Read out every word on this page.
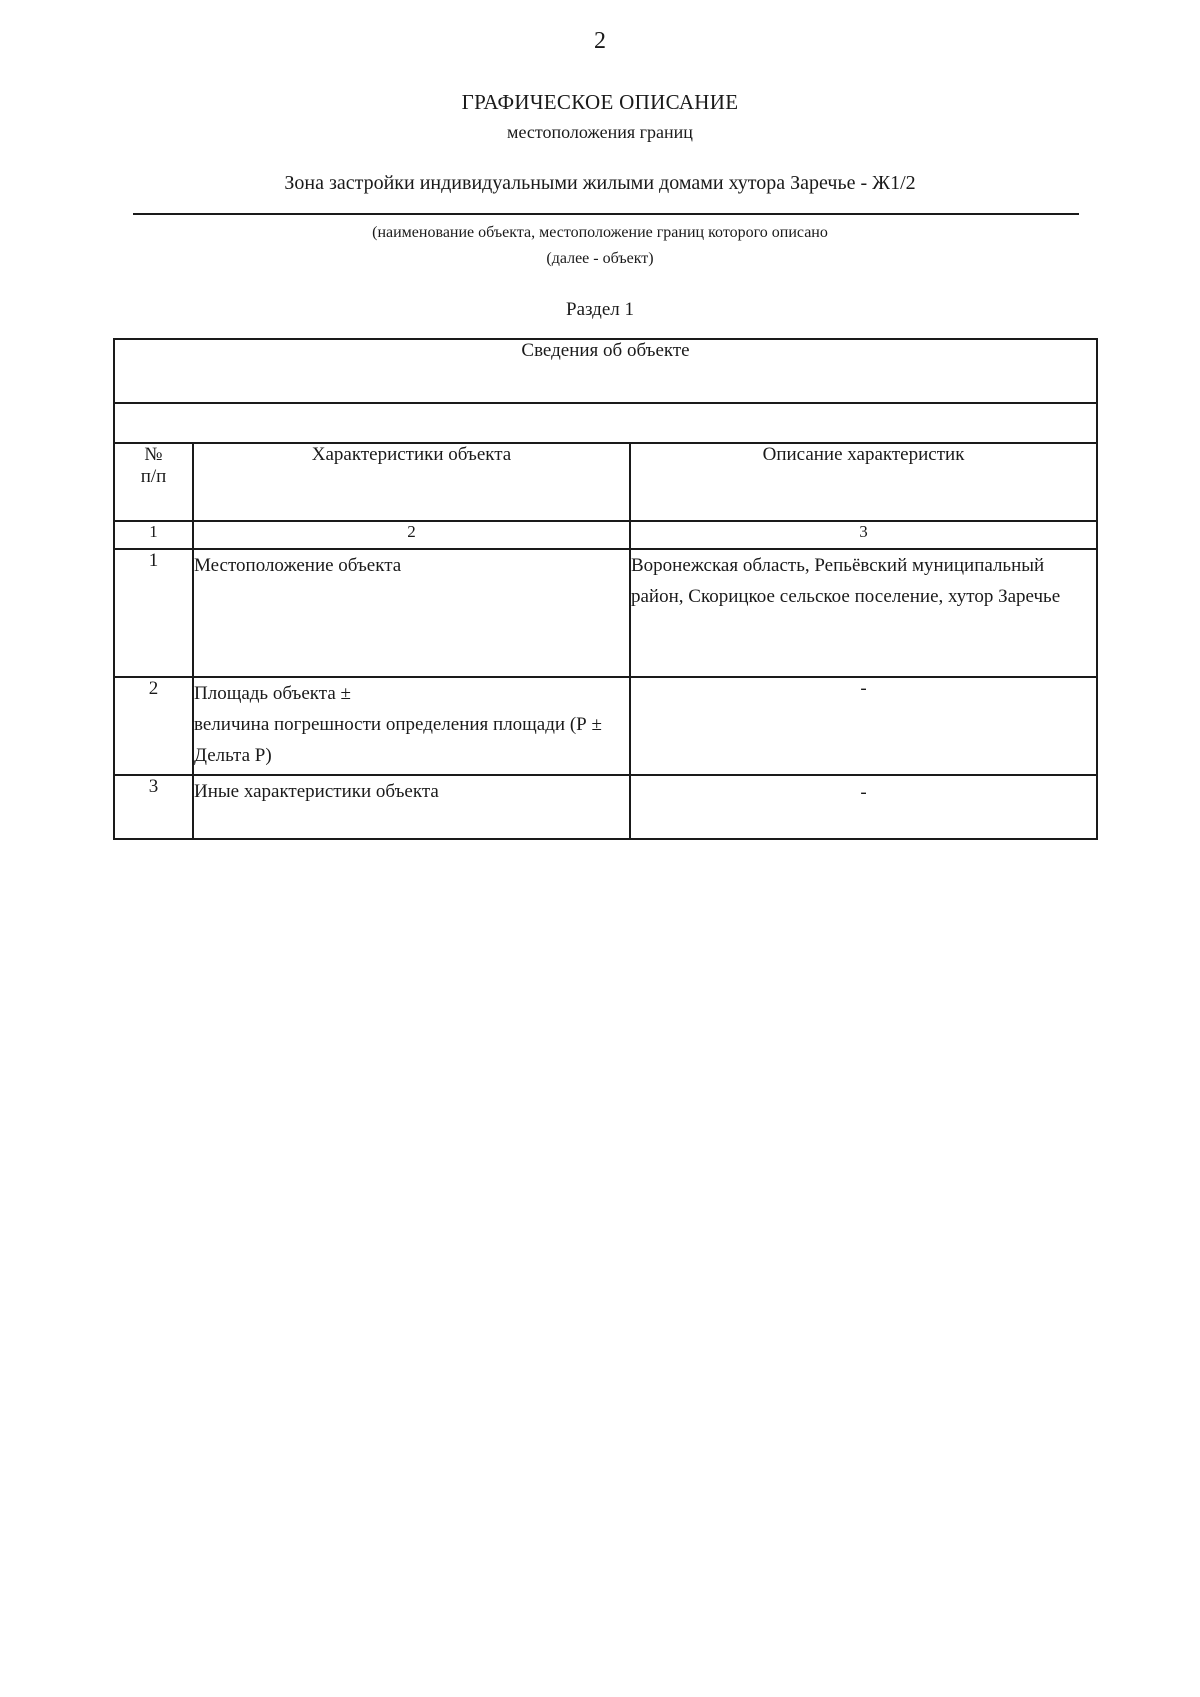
2
ГРАФИЧЕСКОЕ ОПИСАНИЕ
местоположения границ
Зона застройки индивидуальными жилыми домами хутора Заречье - Ж1/2
(наименование объекта, местоположение границ которого описано
(далее - объект)
Раздел 1
Сведения об объекте		

№
п/п	Характеристики объекта	Описание характеристик
1	2	3
1	Местоположение объекта	Воронежская область, Репьёвский муниципальный район, Скорицкое сельское поселение, хутор Заречье
2	Площадь объекта ±
величина погрешности определения площади (Р ± Дельта Р)	-
3	Иные характеристики объекта	-
